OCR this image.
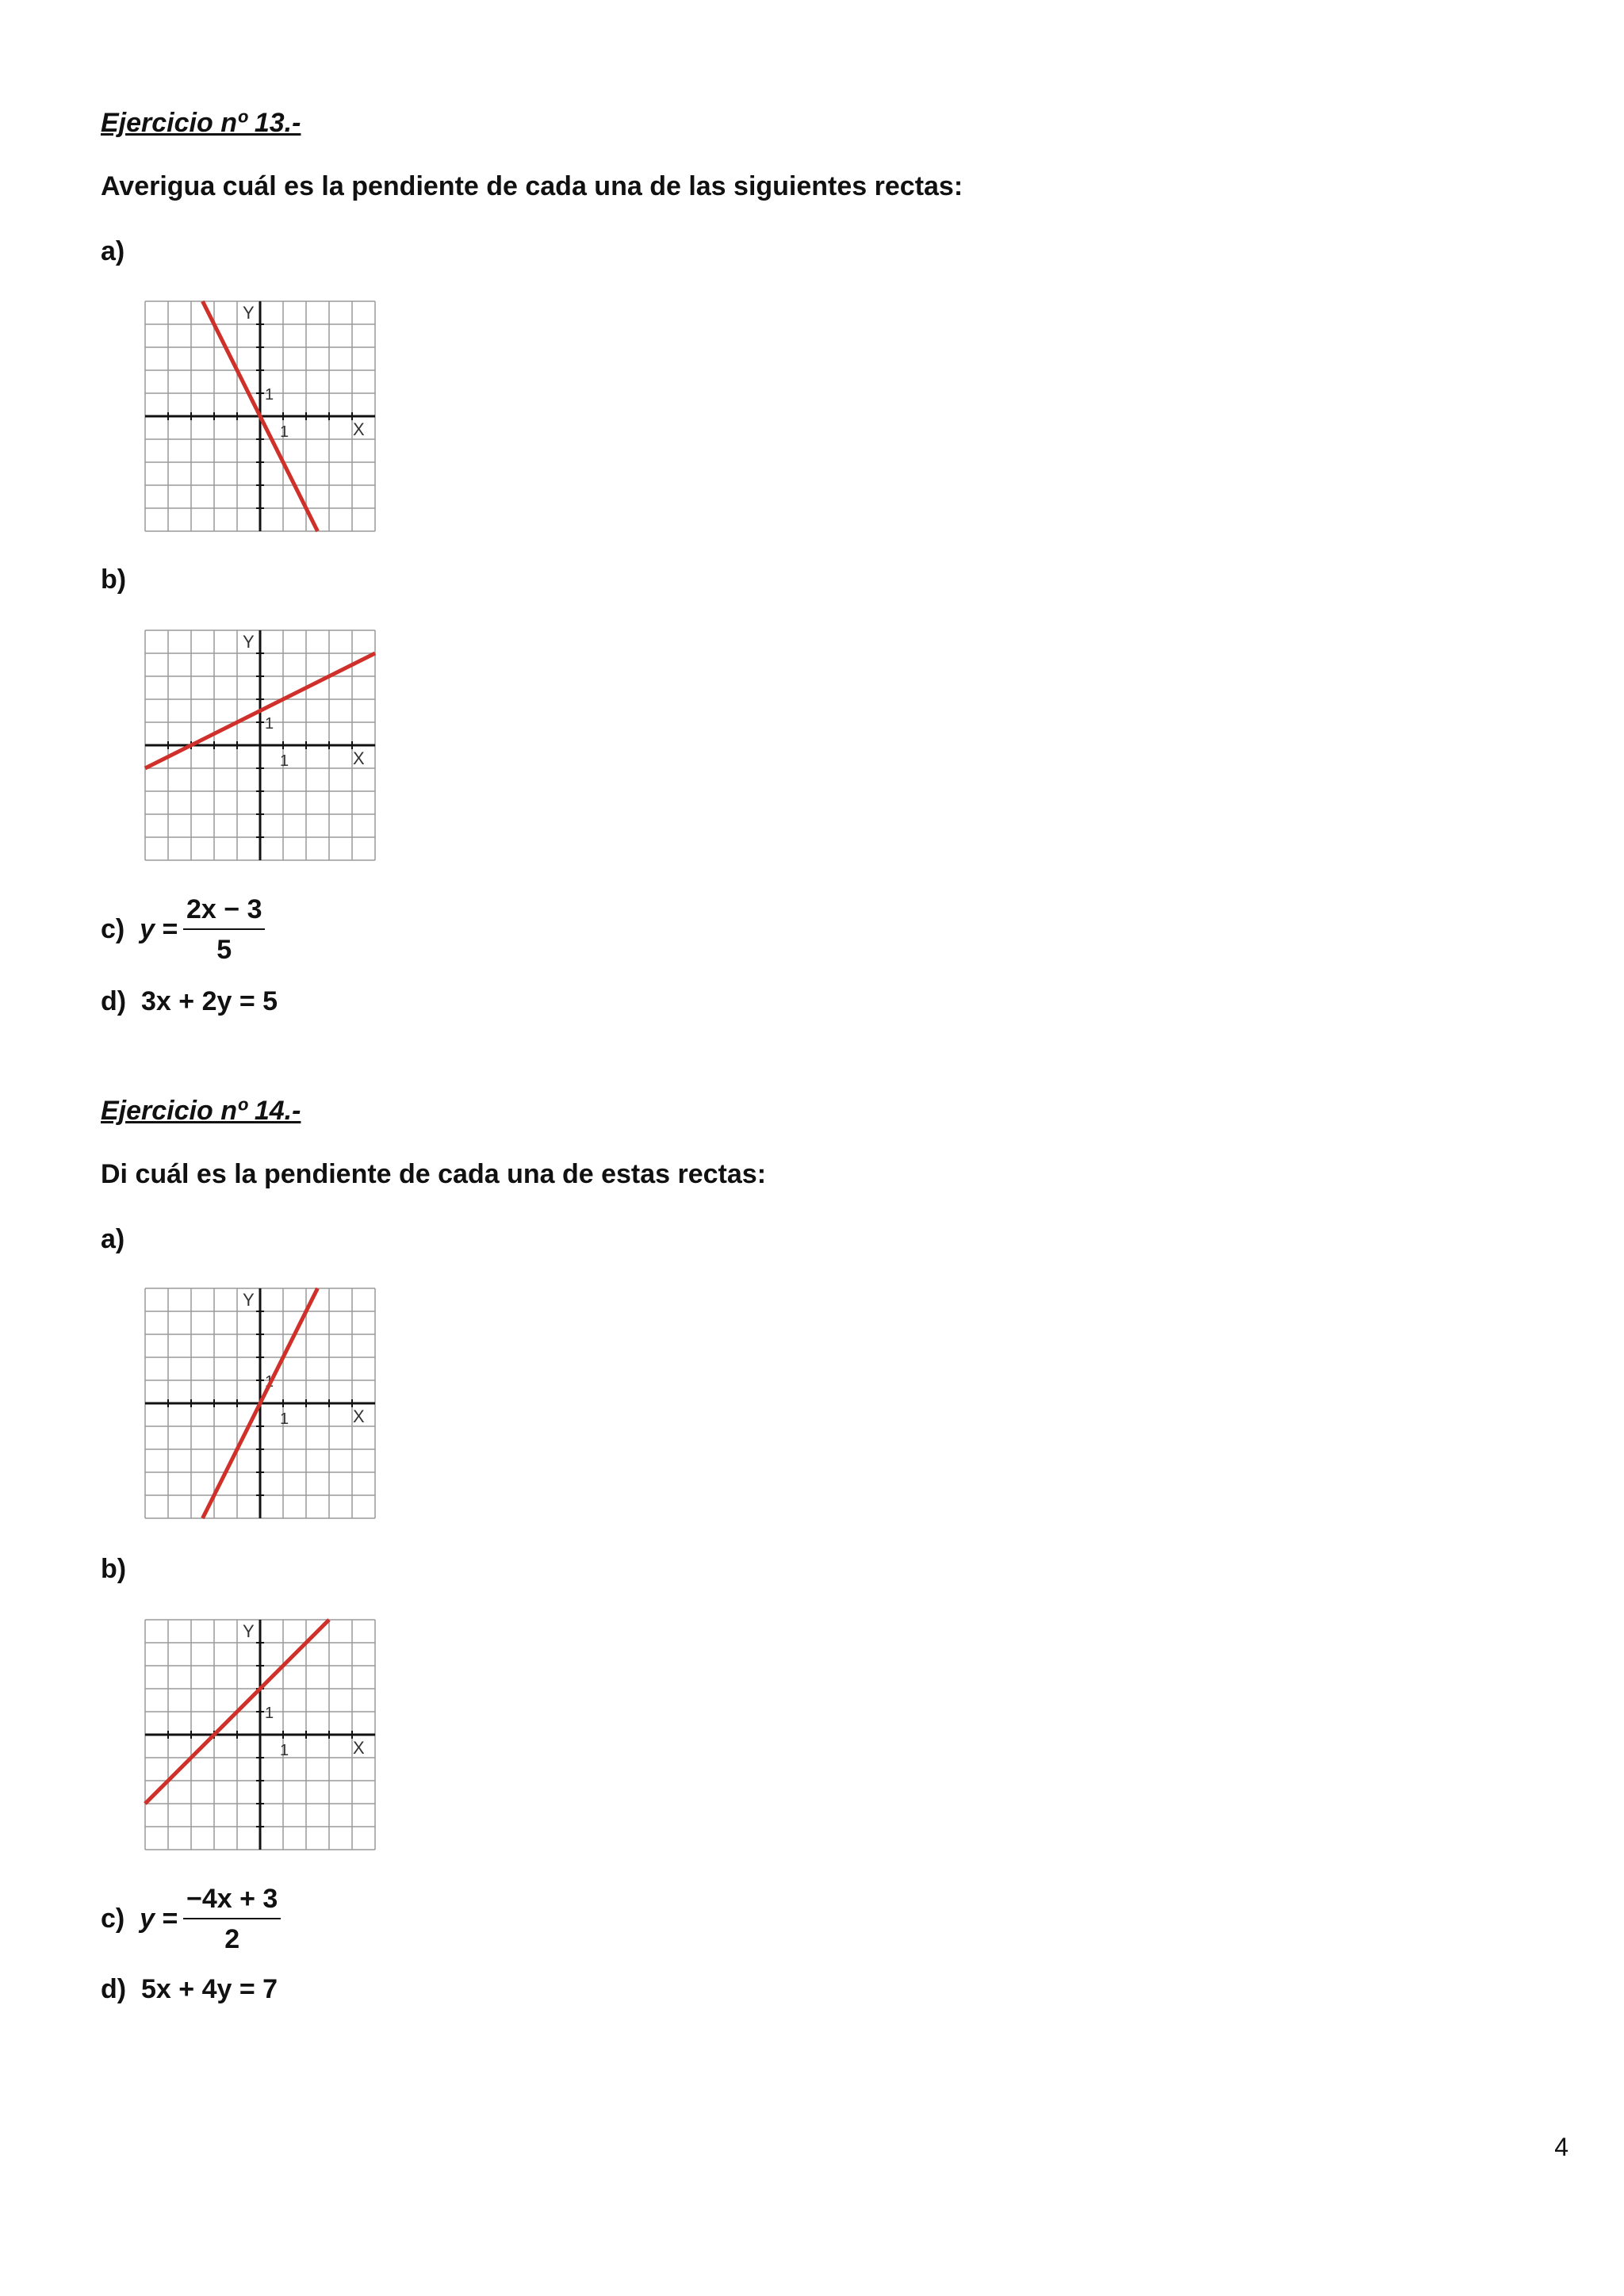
Ejercicio nº 13.-

Averigua cuál es la pendiente de cada una de las siguientes rectas:

a)
Y
X
1
1
b)
Y
X
1
1
c) $y = \frac{2x - 3}{5}$
d) 3x + 2y = 5

Ejercicio nº 14.-

Di cuál es la pendiente de cada una de estas rectas:

a)
Y
X
1
1
b)
Y
X
1
1
c) $y = \frac{-4x + 3}{2}$
d) 5x + 4y = 7
4
